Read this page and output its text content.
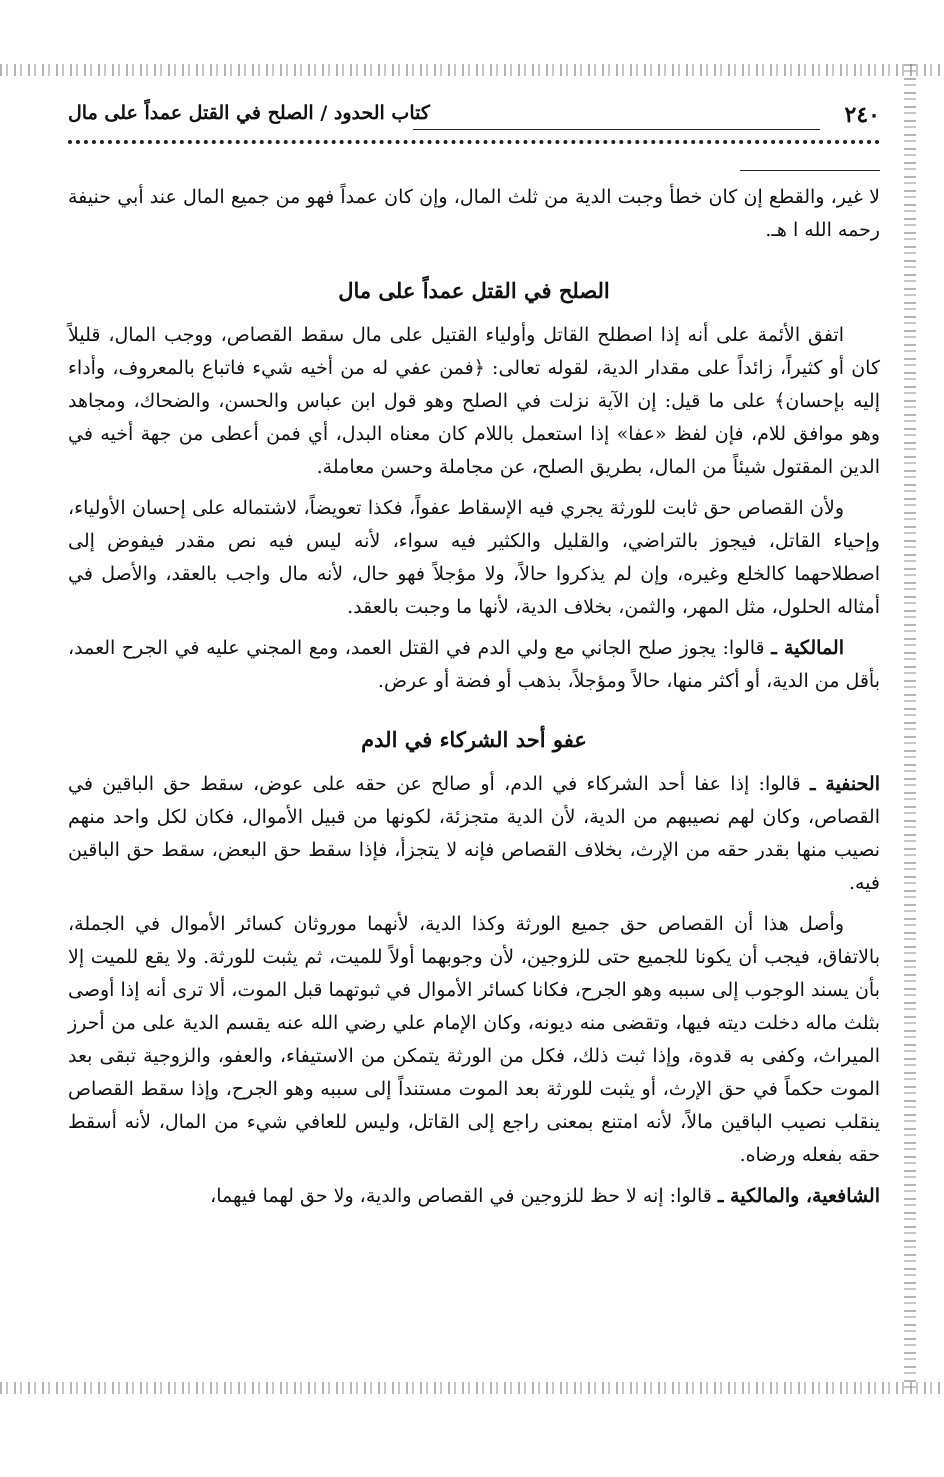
٢٤٠
كتاب الحدود / الصلح في القتل عمداً على مال

لا غير، والقطع إن كان خطأ وجبت الدية من ثلث المال، وإن كان عمداً فهو من جميع المال عند أبي حنيفة رحمه الله ا هـ.

الصلح في القتل عمداً على مال

اتفق الأئمة على أنه إذا اصطلح القاتل وأولياء القتيل على مال سقط القصاص، ووجب المال، قليلاً كان أو كثيراً، زائداً على مقدار الدية، لقوله تعالى: ﴿فمن عفي له من أخيه شيء فاتباع بالمعروف، وأداء إليه بإحسان﴾ على ما قيل: إن الآية نزلت في الصلح وهو قول ابن عباس والحسن، والضحاك، ومجاهد وهو موافق للام، فإن لفظ «عفا» إذا استعمل باللام كان معناه البدل، أي فمن أعطى من جهة أخيه في الدين المقتول شيئاً من المال، بطريق الصلح، عن مجاملة وحسن معاملة.

ولأن القصاص حق ثابت للورثة يجري فيه الإسقاط عفواً، فكذا تعويضاً، لاشتماله على إحسان الأولياء، وإحياء القاتل، فيجوز بالتراضي، والقليل والكثير فيه سواء، لأنه ليس فيه نص مقدر فيفوض إلى اصطلاحهما كالخلع وغيره، وإن لم يذكروا حالاً، ولا مؤجلاً فهو حال، لأنه مال واجب بالعقد، والأصل في أمثاله الحلول، مثل المهر، والثمن، بخلاف الدية، لأنها ما وجبت بالعقد.

المالكية ـ قالوا: يجوز صلح الجاني مع ولي الدم في القتل العمد، ومع المجني عليه في الجرح العمد، بأقل من الدية، أو أكثر منها، حالاً ومؤجلاً، بذهب أو فضة أو عرض.

عفو أحد الشركاء في الدم

الحنفية ـ قالوا: إذا عفا أحد الشركاء في الدم، أو صالح عن حقه على عوض، سقط حق الباقين في القصاص، وكان لهم نصيبهم من الدية، لأن الدية متجزئة، لكونها من قبيل الأموال، فكان لكل واحد منهم نصيب منها بقدر حقه من الإرث، بخلاف القصاص فإنه لا يتجزأ، فإذا سقط حق البعض، سقط حق الباقين فيه.

وأصل هذا أن القصاص حق جميع الورثة وكذا الدية، لأنهما موروثان كسائر الأموال في الجملة، بالاتفاق، فيجب أن يكونا للجميع حتى للزوجين، لأن وجوبهما أولاً للميت، ثم يثبت للورثة. ولا يقع للميت إلا بأن يسند الوجوب إلى سببه وهو الجرح، فكانا كسائر الأموال في ثبوتهما قبل الموت، ألا ترى أنه إذا أوصى بثلث ماله دخلت ديته فيها، وتقضى منه ديونه، وكان الإمام علي رضي الله عنه يقسم الدية على من أحرز الميراث، وكفى به قدوة، وإذا ثبت ذلك، فكل من الورثة يتمكن من الاستيفاء، والعفو، والزوجية تبقى بعد الموت حكماً في حق الإرث، أو يثبت للورثة بعد الموت مستنداً إلى سببه وهو الجرح، وإذا سقط القصاص ينقلب نصيب الباقين مالاً، لأنه امتنع بمعنى راجع إلى القاتل، وليس للعافي شيء من المال، لأنه أسقط حقه بفعله ورضاه.

الشافعية، والمالكية ـ قالوا: إنه لا حظ للزوجين في القصاص والدية، ولا حق لهما فيهما،
